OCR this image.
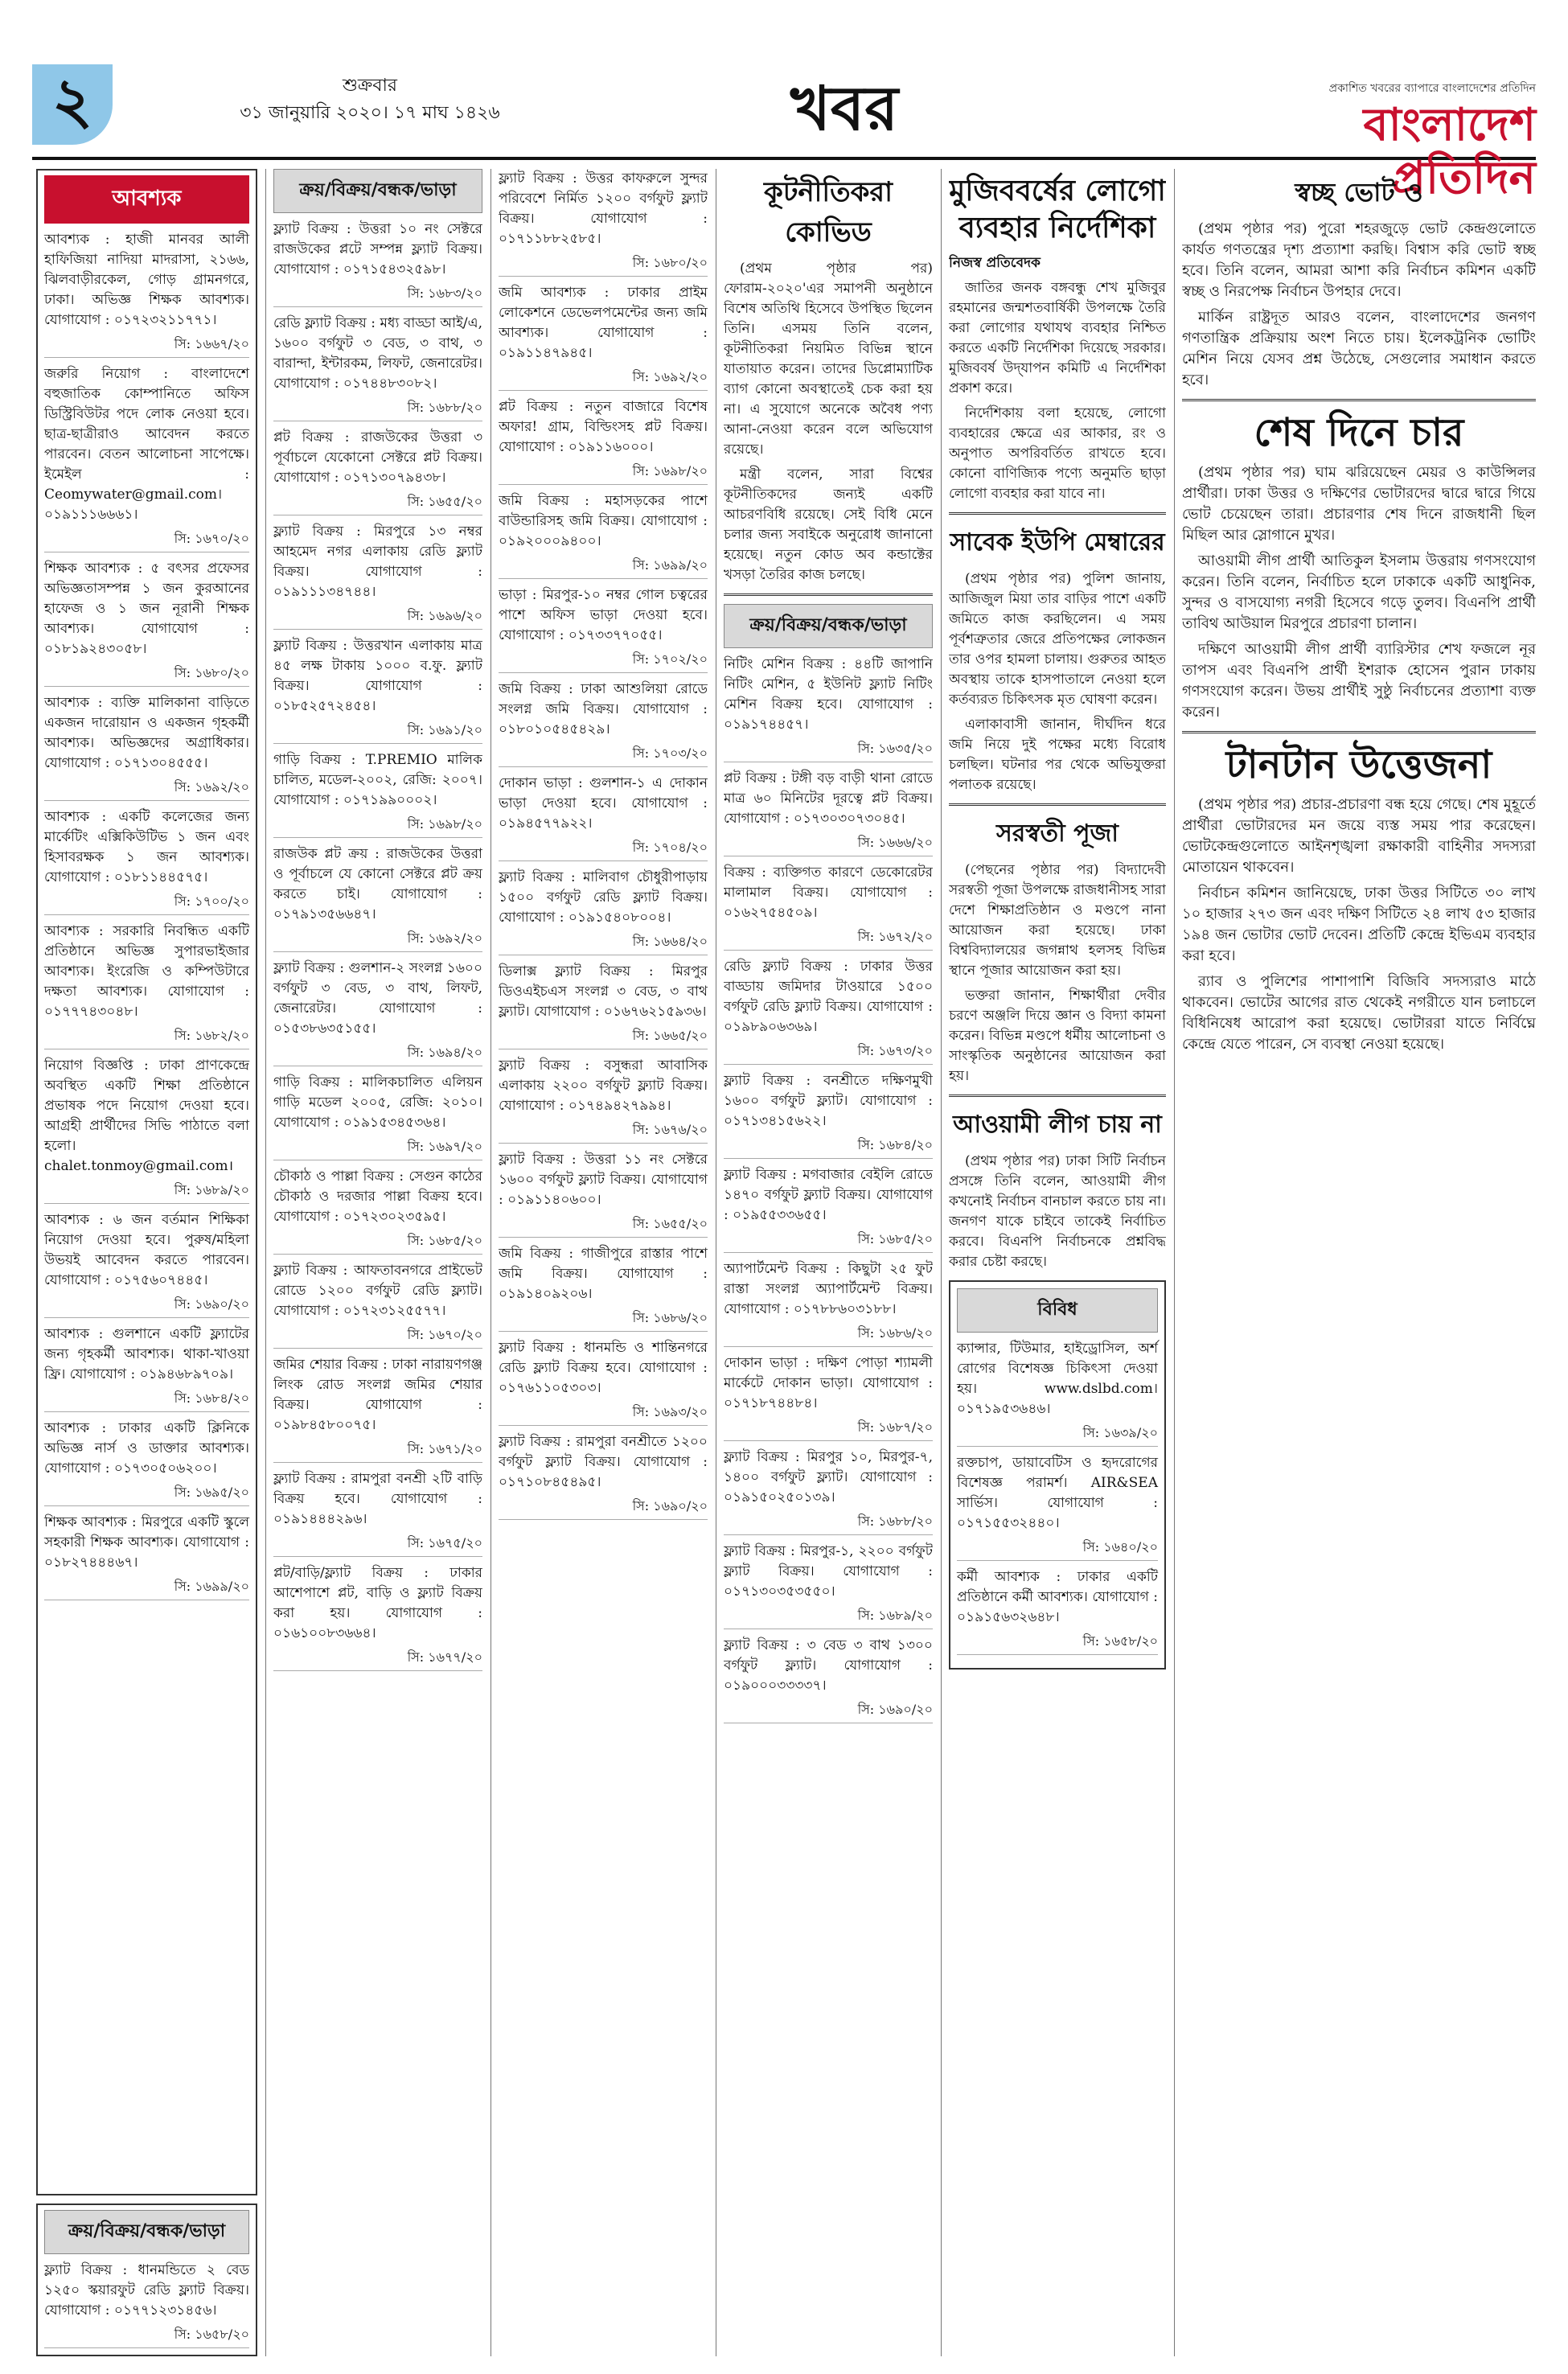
২	শুক্রবার
৩১ জানুয়ারি ২০২০। ১৭ মাঘ ১৪২৬	খবর	প্রকাশিত খবরের ব্যাপারে বাংলাদেশের প্রতিদিন
বাংলাদেশ প্রতিদিন
আবশ্যক
আবশ্যক : হাজী মানবর আলী হাফিজিয়া নাদিয়া মাদরাসা, ২১৬৬, ঝিলবাড়ীরকেল, গোড় গ্রামনগরে, ঢাকা। অভিজ্ঞ শিক্ষক আবশ্যক। যোগাযোগ : ০১৭২৩২১১৭৭১।
সি: ১৬৬৭/২০
জরুরি নিয়োগ : বাংলাদেশে বহুজাতিক কোম্পানিতে অফিস ডিস্ট্রিবিউটর পদে লোক নেওয়া হবে। ছাত্র-ছাত্রীরাও আবেদন করতে পারবেন। বেতন আলোচনা সাপেক্ষে। ইমেইল : Ceomywater@gmail.com। ০১৯১১১৬৬৬১।
সি: ১৬৭০/২০
শিক্ষক আবশ্যক : ৫ বৎসর প্রফেসর অভিজ্ঞতাসম্পন্ন ১ জন কুরআনের হাফেজ ও ১ জন নূরানী শিক্ষক আবশ্যক। যোগাযোগ : ০১৮১৯২৪৩০৫৮।
সি: ১৬৮০/২০
আবশ্যক : ব্যক্তি মালিকানা বাড়িতে একজন দারোয়ান ও একজন গৃহকর্মী আবশ্যক। অভিজ্ঞদের অগ্রাধিকার। যোগাযোগ : ০১৭১৩০৪৫৫৫।
সি: ১৬৯২/২০
আবশ্যক : একটি কলেজের জন্য মার্কেটিং এক্সিকিউটিভ ১ জন এবং হিসাবরক্ষক ১ জন আবশ্যক। যোগাযোগ : ০১৮১১৪৪৫৭৫।
সি: ১৭০০/২০
আবশ্যক : সরকারি নিবন্ধিত একটি প্রতিষ্ঠানে অভিজ্ঞ সুপারভাইজার আবশ্যক। ইংরেজি ও কম্পিউটারে দক্ষতা আবশ্যক। যোগাযোগ : ০১৭৭৭৪৩০৪৮।
সি: ১৬৮২/২০
নিয়োগ বিজ্ঞপ্তি : ঢাকা প্রাণকেন্দ্রে অবস্থিত একটি শিক্ষা প্রতিষ্ঠানে প্রভাষক পদে নিয়োগ দেওয়া হবে। আগ্রহী প্রার্থীদের সিভি পাঠাতে বলা হলো। chalet.tonmoy@gmail.com।
সি: ১৬৮৯/২০
আবশ্যক : ৬ জন বর্তমান শিক্ষিকা নিয়োগ দেওয়া হবে। পুরুষ/মহিলা উভয়ই আবেদন করতে পারবেন। যোগাযোগ : ০১৭৫৬০৭৪৪৫।
সি: ১৬৯০/২০
আবশ্যক : গুলশানে একটি ফ্ল্যাটের জন্য গৃহকর্মী আবশ্যক। থাকা-খাওয়া ফ্রি। যোগাযোগ : ০১৯৪৬৮৯৭০৯।
সি: ১৬৮৪/২০
আবশ্যক : ঢাকার একটি ক্লিনিকে অভিজ্ঞ নার্স ও ডাক্তার আবশ্যক। যোগাযোগ : ০১৭৩০৫০৬২০০।
সি: ১৬৯৫/২০
শিক্ষক আবশ্যক : মিরপুরে একটি স্কুলে সহকারী শিক্ষক আবশ্যক। যোগাযোগ : ০১৮২৭৪৪৪৬৭।
সি: ১৬৯৯/২০
ক্রয়/বিক্রয়/বন্ধক/ভাড়া
ফ্ল্যাট বিক্রয় : ধানমন্ডিতে ২ বেড ১২৫০ স্কয়ারফুট রেডি ফ্ল্যাট বিক্রয়। যোগাযোগ : ০১৭৭১২৩১৪৫৬।
সি: ১৬৫৮/২০
ক্রয়/বিক্রয়/বন্ধক/ভাড়া
ফ্ল্যাট বিক্রয় : উত্তরা ১০ নং সেক্টরে রাজউকের প্লটে সম্পন্ন ফ্ল্যাট বিক্রয়। যোগাযোগ : ০১৭১৫৪৩২৫৯৮।
সি: ১৬৮৩/২০
রেডি ফ্ল্যাট বিক্রয় : মধ্য বাড্ডা আই/এ, ১৬০০ বর্গফুট ৩ বেড, ৩ বাথ, ৩ বারান্দা, ইন্টারকম, লিফট, জেনারেটর। যোগাযোগ : ০১৭৪৪৮৩০৮২।
সি: ১৬৮৮/২০
প্লট বিক্রয় : রাজউকের উত্তরা ৩ পূর্বাচলে যেকোনো সেক্টরে প্লট বিক্রয়। যোগাযোগ : ০১৭১৩০৭৯৪৩৮।
সি: ১৬৫৫/২০
ফ্ল্যাট বিক্রয় : মিরপুরে ১৩ নম্বর আহমেদ নগর এলাকায় রেডি ফ্ল্যাট বিক্রয়। যোগাযোগ : ০১৯১১১৩৪৭৪৪।
সি: ১৬৯৬/২০
ফ্ল্যাট বিক্রয় : উত্তরখান এলাকায় মাত্র ৪৫ লক্ষ টাকায় ১০০০ ব.ফু. ফ্ল্যাট বিক্রয়। যোগাযোগ : ০১৮৫২৫৭২৪৫৪।
সি: ১৬৯১/২০
গাড়ি বিক্রয় : T.PREMIO মালিক চালিত, মডেল-২০০২, রেজি: ২০০৭। যোগাযোগ : ০১৭১৯৯০০০২।
সি: ১৬৯৮/২০
রাজউক প্লট ক্রয় : রাজউকের উত্তরা ও পূর্বাচলে যে কোনো সেক্টরে প্লট ক্রয় করতে চাই। যোগাযোগ : ০১৭৯১৩৫৬৬৪৭।
সি: ১৬৯২/২০
ফ্ল্যাট বিক্রয় : গুলশান-২ সংলগ্ন ১৬০০ বর্গফুট ৩ বেড, ৩ বাথ, লিফট, জেনারেটর। যোগাযোগ : ০১৫৩৮৬৩৫১৫৫।
সি: ১৬৯৪/২০
গাড়ি বিক্রয় : মালিকচালিত এলিয়ন গাড়ি মডেল ২০০৫, রেজি: ২০১০। যোগাযোগ : ০১৯১৫৩৪৫৩৬৪।
সি: ১৬৯৭/২০
চৌকাঠ ও পাল্লা বিক্রয় : সেগুন কাঠের চৌকাঠ ও দরজার পাল্লা বিক্রয় হবে। যোগাযোগ : ০১৭২৩০২৩৫৯৫।
সি: ১৬৮৫/২০
ফ্ল্যাট বিক্রয় : আফতাবনগরে প্রাইভেট রোডে ১২০০ বর্গফুট রেডি ফ্ল্যাট। যোগাযোগ : ০১৭২৩১২৫৫৭৭।
সি: ১৬৭০/২০
জমির শেয়ার বিক্রয় : ঢাকা নারায়ণগঞ্জ লিংক রোড সংলগ্ন জমির শেয়ার বিক্রয়। যোগাযোগ : ০১৯৮৪৫৮০০৭৫।
সি: ১৬৭১/২০
ফ্ল্যাট বিক্রয় : রামপুরা বনশ্রী ২টি বাড়ি বিক্রয় হবে। যোগাযোগ : ০১৯১৪৪৪২৯৬।
সি: ১৬৭৫/২০
প্লট/বাড়ি/ফ্ল্যাট বিক্রয় : ঢাকার আশেপাশে প্লট, বাড়ি ও ফ্ল্যাট বিক্রয় করা হয়। যোগাযোগ : ০১৬১০০৮৩৬৬৪।
সি: ১৬৭৭/২০
ফ্ল্যাট বিক্রয় : উত্তর কাফরুলে সুন্দর পরিবেশে নির্মিত ১২০০ বর্গফুট ফ্ল্যাট বিক্রয়। যোগাযোগ : ০১৭১১৮৮২৫৮৫।
সি: ১৬৮০/২০
জমি আবশ্যক : ঢাকার প্রাইম লোকেশনে ডেভেলপমেন্টের জন্য জমি আবশ্যক। যোগাযোগ : ০১৯১১৪৭৯৪৫।
সি: ১৬৯২/২০
প্লট বিক্রয় : নতুন বাজারে বিশেষ অফার! গ্রাম, বিল্ডিংসহ প্লট বিক্রয়। যোগাযোগ : ০১৯১১৬০০০।
সি: ১৬৯৮/২০
জমি বিক্রয় : মহাসড়কের পাশে বাউন্ডারিসহ জমি বিক্রয়। যোগাযোগ : ০১৯২০০০৯৪০০।
সি: ১৬৯৯/২০
ভাড়া : মিরপুর-১০ নম্বর গোল চত্বরের পাশে অফিস ভাড়া দেওয়া হবে। যোগাযোগ : ০১৭৩৩৭৭০৫৫।
সি: ১৭০২/২০
জমি বিক্রয় : ঢাকা আশুলিয়া রোডে সংলগ্ন জমি বিক্রয়। যোগাযোগ : ০১৮০১০৫৪৫৪২৯।
সি: ১৭০৩/২০
দোকান ভাড়া : গুলশান-১ এ দোকান ভাড়া দেওয়া হবে। যোগাযোগ : ০১৯৪৫৭৭৯২২।
সি: ১৭০৪/২০
ফ্ল্যাট বিক্রয় : মালিবাগ চৌধুরীপাড়ায় ১৫০০ বর্গফুট রেডি ফ্ল্যাট বিক্রয়। যোগাযোগ : ০১৯১৫৪০৮০০৪।
সি: ১৬৬৪/২০
ডিলাক্স ফ্ল্যাট বিক্রয় : মিরপুর ডিওএইচএস সংলগ্ন ৩ বেড, ৩ বাথ ফ্ল্যাট। যোগাযোগ : ০১৬৭৬২১৫৯৩৬।
সি: ১৬৬৫/২০
ফ্ল্যাট বিক্রয় : বসুন্ধরা আবাসিক এলাকায় ২২০০ বর্গফুট ফ্ল্যাট বিক্রয়। যোগাযোগ : ০১৭৪৯৪২৭৯৯৪।
সি: ১৬৭৬/২০
ফ্ল্যাট বিক্রয় : উত্তরা ১১ নং সেক্টরে ১৬০০ বর্গফুট ফ্ল্যাট বিক্রয়। যোগাযোগ : ০১৯১১৪০৬০০।
সি: ১৬৫৫/২০
জমি বিক্রয় : গাজীপুরে রাস্তার পাশে জমি বিক্রয়। যোগাযোগ : ০১৯১৪০৯২০৬।
সি: ১৬৮৬/২০
ফ্ল্যাট বিক্রয় : ধানমন্ডি ও শান্তিনগরে রেডি ফ্ল্যাট বিক্রয় হবে। যোগাযোগ : ০১৭৬১১০৫৩০৩।
সি: ১৬৯৩/২০
ফ্ল্যাট বিক্রয় : রামপুরা বনশ্রীতে ১২০০ বর্গফুট ফ্ল্যাট বিক্রয়। যোগাযোগ : ০১৭১০৮৪৫৪৯৫।
সি: ১৬৯০/২০
কূটনীতিকরা কোভিড

(প্রথম পৃষ্ঠার পর) ফোরাম-২০২০'এর সমাপনী অনুষ্ঠানে বিশেষ অতিথি হিসেবে উপস্থিত ছিলেন তিনি। এসময় তিনি বলেন, কূটনীতিকরা নিয়মিত বিভিন্ন স্থানে যাতায়াত করেন। তাদের ডিপ্লোম্যাটিক ব্যাগ কোনো অবস্থাতেই চেক করা হয় না। এ সুযোগে অনেকে অবৈধ পণ্য আনা-নেওয়া করেন বলে অভিযোগ রয়েছে।

মন্ত্রী বলেন, সারা বিশ্বের কূটনীতিকদের জন্যই একটি আচরণবিধি রয়েছে। সেই বিধি মেনে চলার জন্য সবাইকে অনুরোধ জানানো হয়েছে। নতুন কোড অব কন্ডাক্টের খসড়া তৈরির কাজ চলছে।

ক্রয়/বিক্রয়/বন্ধক/ভাড়া
নিটিং মেশিন বিক্রয় : ৪৪টি জাপানি নিটিং মেশিন, ৫ ইউনিট ফ্ল্যাট নিটিং মেশিন বিক্রয় হবে। যোগাযোগ : ০১৯১৭৪৪৫৭।
সি: ১৬৩৫/২০
প্লট বিক্রয় : টঙ্গী বড় বাড়ী থানা রোডে মাত্র ৬০ মিনিটের দূরত্বে প্লট বিক্রয়। যোগাযোগ : ০১৭৩০৩০৭৩০৪৫।
সি: ১৬৬৬/২০
বিক্রয় : ব্যক্তিগত কারণে ডেকোরেটর মালামাল বিক্রয়। যোগাযোগ : ০১৬২৭৫৪৫০৯।
সি: ১৬৭২/২০
রেডি ফ্ল্যাট বিক্রয় : ঢাকার উত্তর বাড্ডায় জমিদার টাওয়ারে ১৫০০ বর্গফুট রেডি ফ্ল্যাট বিক্রয়। যোগাযোগ : ০১৯৮৯০৬৩৬৯।
সি: ১৬৭৩/২০
ফ্ল্যাট বিক্রয় : বনশ্রীতে দক্ষিণমুখী ১৬০০ বর্গফুট ফ্ল্যাট। যোগাযোগ : ০১৭১৩৪১৫৬২২।
সি: ১৬৮৪/২০
ফ্ল্যাট বিক্রয় : মগবাজার বেইলি রোডে ১৪৭০ বর্গফুট ফ্ল্যাট বিক্রয়। যোগাযোগ : ০১৯৫৫৩৩৬৫৫।
সি: ১৬৮৫/২০
অ্যাপার্টমেন্ট বিক্রয় : কিছুটা ২৫ ফুট রাস্তা সংলগ্ন অ্যাপার্টমেন্ট বিক্রয়। যোগাযোগ : ০১৭৮৮৬০৩১৮৮।
সি: ১৬৮৬/২০
দোকান ভাড়া : দক্ষিণ পোড়া শ্যামলী মার্কেটে দোকান ভাড়া। যোগাযোগ : ০১৭১৮৭৪৪৮৪।
সি: ১৬৮৭/২০
ফ্ল্যাট বিক্রয় : মিরপুর ১০, মিরপুর-৭, ১৪০০ বর্গফুট ফ্ল্যাট। যোগাযোগ : ০১৯১৫০২৫০১৩৯।
সি: ১৬৮৮/২০
ফ্ল্যাট বিক্রয় : মিরপুর-১, ২২০০ বর্গফুট ফ্ল্যাট বিক্রয়। যোগাযোগ : ০১৭১৩০৩৫৩৫৫০।
সি: ১৬৮৯/২০
ফ্ল্যাট বিক্রয় : ৩ বেড ৩ বাথ ১৩০০ বর্গফুট ফ্ল্যাট। যোগাযোগ : ০১৯০০০৩৩৩৩৭।
সি: ১৬৯০/২০
মুজিববর্ষের লোগো ব্যবহার নির্দেশিকা
নিজস্ব প্রতিবেদক

জাতির জনক বঙ্গবন্ধু শেখ মুজিবুর রহমানের জন্মশতবার্ষিকী উপলক্ষে তৈরি করা লোগোর যথাযথ ব্যবহার নিশ্চিত করতে একটি নির্দেশিকা দিয়েছে সরকার। মুজিববর্ষ উদ্‌যাপন কমিটি এ নির্দেশিকা প্রকাশ করে।

নির্দেশিকায় বলা হয়েছে, লোগো ব্যবহারের ক্ষেত্রে এর আকার, রং ও অনুপাত অপরিবর্তিত রাখতে হবে। কোনো বাণিজ্যিক পণ্যে অনুমতি ছাড়া লোগো ব্যবহার করা যাবে না।

সাবেক ইউপি মেম্বারের

(প্রথম পৃষ্ঠার পর) পুলিশ জানায়, আজিজুল মিয়া তার বাড়ির পাশে একটি জমিতে কাজ করছিলেন। এ সময় পূর্বশত্রুতার জেরে প্রতিপক্ষের লোকজন তার ওপর হামলা চালায়। গুরুতর আহত অবস্থায় তাকে হাসপাতালে নেওয়া হলে কর্তব্যরত চিকিৎসক মৃত ঘোষণা করেন।

এলাকাবাসী জানান, দীর্ঘদিন ধরে জমি নিয়ে দুই পক্ষের মধ্যে বিরোধ চলছিল। ঘটনার পর থেকে অভিযুক্তরা পলাতক রয়েছে।

সরস্বতী পূজা

(পেছনের পৃষ্ঠার পর) বিদ্যাদেবী সরস্বতী পূজা উপলক্ষে রাজধানীসহ সারা দেশে শিক্ষাপ্রতিষ্ঠান ও মণ্ডপে নানা আয়োজন করা হয়েছে। ঢাকা বিশ্ববিদ্যালয়ের জগন্নাথ হলসহ বিভিন্ন স্থানে পূজার আয়োজন করা হয়।

ভক্তরা জানান, শিক্ষার্থীরা দেবীর চরণে অঞ্জলি দিয়ে জ্ঞান ও বিদ্যা কামনা করেন। বিভিন্ন মণ্ডপে ধর্মীয় আলোচনা ও সাংস্কৃতিক অনুষ্ঠানের আয়োজন করা হয়।

আওয়ামী লীগ চায় না

(প্রথম পৃষ্ঠার পর) ঢাকা সিটি নির্বাচন প্রসঙ্গে তিনি বলেন, আওয়ামী লীগ কখনোই নির্বাচন বানচাল করতে চায় না। জনগণ যাকে চাইবে তাকেই নির্বাচিত করবে। বিএনপি নির্বাচনকে প্রশ্নবিদ্ধ করার চেষ্টা করছে।

বিবিধ
ক্যান্সার, টিউমার, হাইড্রোসিল, অর্শ রোগের বিশেষজ্ঞ চিকিৎসা দেওয়া হয়। www.dslbd.com। ০১৭১৯৫৩৬৪৬।
সি: ১৬৩৯/২০
রক্তচাপ, ডায়াবেটিস ও হৃদরোগের বিশেষজ্ঞ পরামর্শ। AIR&SEA সার্ভিস। যোগাযোগ : ০১৭১৫৫৩২৪৪০।
সি: ১৬৪০/২০
কর্মী আবশ্যক : ঢাকার একটি প্রতিষ্ঠানে কর্মী আবশ্যক। যোগাযোগ : ০১৯১৫৬৩২৬৪৮।
সি: ১৬৫৮/২০
স্বচ্ছ ভোট ও

(প্রথম পৃষ্ঠার পর) পুরো শহরজুড়ে ভোট কেন্দ্রগুলোতে কার্যত গণতন্ত্রের দৃশ্য প্রত্যাশা করছি। বিশ্বাস করি ভোট স্বচ্ছ হবে। তিনি বলেন, আমরা আশা করি নির্বাচন কমিশন একটি স্বচ্ছ ও নিরপেক্ষ নির্বাচন উপহার দেবে।

মার্কিন রাষ্ট্রদূত আরও বলেন, বাংলাদেশের জনগণ গণতান্ত্রিক প্রক্রিয়ায় অংশ নিতে চায়। ইলেকট্রনিক ভোটিং মেশিন নিয়ে যেসব প্রশ্ন উঠেছে, সেগুলোর সমাধান করতে হবে।

শেষ দিনে চার

(প্রথম পৃষ্ঠার পর) ঘাম ঝরিয়েছেন মেয়র ও কাউন্সিলর প্রার্থীরা। ঢাকা উত্তর ও দক্ষিণের ভোটারদের দ্বারে দ্বারে গিয়ে ভোট চেয়েছেন তারা। প্রচারণার শেষ দিনে রাজধানী ছিল মিছিল আর স্লোগানে মুখর।

আওয়ামী লীগ প্রার্থী আতিকুল ইসলাম উত্তরায় গণসংযোগ করেন। তিনি বলেন, নির্বাচিত হলে ঢাকাকে একটি আধুনিক, সুন্দর ও বাসযোগ্য নগরী হিসেবে গড়ে তুলব। বিএনপি প্রার্থী তাবিথ আউয়াল মিরপুরে প্রচারণা চালান।

দক্ষিণে আওয়ামী লীগ প্রার্থী ব্যারিস্টার শেখ ফজলে নূর তাপস এবং বিএনপি প্রার্থী ইশরাক হোসেন পুরান ঢাকায় গণসংযোগ করেন। উভয় প্রার্থীই সুষ্ঠু নির্বাচনের প্রত্যাশা ব্যক্ত করেন।

টানটান উত্তেজনা

(প্রথম পৃষ্ঠার পর) প্রচার-প্রচারণা বন্ধ হয়ে গেছে। শেষ মুহূর্তে প্রার্থীরা ভোটারদের মন জয়ে ব্যস্ত সময় পার করেছেন। ভোটকেন্দ্রগুলোতে আইনশৃঙ্খলা রক্ষাকারী বাহিনীর সদস্যরা মোতায়েন থাকবেন।

নির্বাচন কমিশন জানিয়েছে, ঢাকা উত্তর সিটিতে ৩০ লাখ ১০ হাজার ২৭৩ জন এবং দক্ষিণ সিটিতে ২৪ লাখ ৫৩ হাজার ১৯৪ জন ভোটার ভোট দেবেন। প্রতিটি কেন্দ্রে ইভিএম ব্যবহার করা হবে।

র‍্যাব ও পুলিশের পাশাপাশি বিজিবি সদস্যরাও মাঠে থাকবেন। ভোটের আগের রাত থেকেই নগরীতে যান চলাচলে বিধিনিষেধ আরোপ করা হয়েছে। ভোটাররা যাতে নির্বিঘ্নে কেন্দ্রে যেতে পারেন, সে ব্যবস্থা নেওয়া হয়েছে।
